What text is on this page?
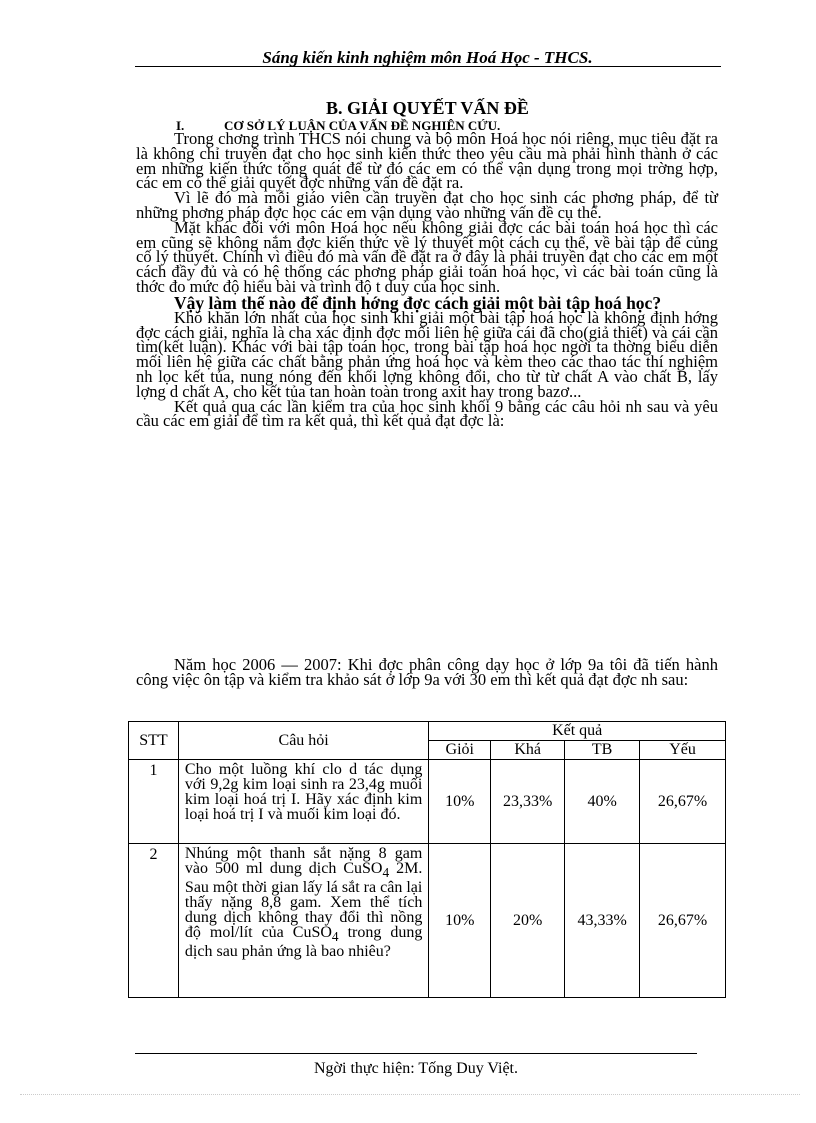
Sáng kiến kinh nghiệm môn Hoá Học - THCS.
B. GIẢI QUYẾT VẤN ĐỀ
I.	CƠ SỞ LÝ LUẬN CỦA VẤN ĐỀ NGHIÊN CỨU.

Trong chơng trình THCS nói chung và bộ môn Hoá học nói riêng, mục tiêu đặt ra là không chỉ truyền đạt cho học sinh kiến thức theo yêu cầu mà phải hình thành ở các em những kiến thức tổng quát để từ đó các em có thể vận dụng trong mọi trờng hợp, các em có thể giải quyết đợc những vấn đề đặt ra.

Vì lẽ đó mà mỗi giáo viên cần truyền đạt cho học sinh các phơng pháp, để từ những phơng pháp đợc học các em vận dụng vào những vấn đề cụ thể.

Mặt khác đối với môn Hoá học nếu không giải đợc các bài toán hoá học thì các em cũng sẽ không nắm đợc kiến thức về lý thuyết một cách cụ thể, về bài tập để củng cố lý thuyết. Chính vì điều đó mà vấn đề đặt ra ở đây là phải truyền đạt cho các em một cách đầy đủ và có hệ thống các phơng pháp giải toán hoá học, vì các bài toán cũng là thớc đo mức độ hiểu bài và trình độ t duy của học sinh.

Vậy làm thế nào để định hớng đợc cách giải một bài tập hoá học?

Khó khăn lớn nhất của học sinh khi giải một bài tập hoá học là không định hớng đợc cách giải, nghĩa là cha xác định đợc mối liên hệ giữa cái đã cho(giả thiết) và cái cần tìm(kết luận). Khác với bài tập toán học, trong bài tập hoá học ngời ta thờng biểu diễn mối liên hệ giữa các chất bằng phản ứng hoá học và kèm theo các thao tác thí nghiệm nh lọc kết tủa, nung nóng đến khối lợng không đổi, cho từ từ chất A vào chất B, lấy lợng d chất A, cho kết tủa tan hoàn toàn trong axit hay trong bazơ...

Kết quả qua các lần kiểm tra của học sinh khối 9 bằng các câu hỏi nh sau và yêu cầu các em giải để tìm ra kết quả, thì kết quả đạt đợc là:

Năm học 2006 — 2007: Khi đợc phân công dạy học ở lớp 9a tôi đã tiến hành công việc ôn tập và kiểm tra khảo sát ở lớp 9a với 30 em thì kết quả đạt đợc nh sau:

STT	Câu hỏi	Kết quả			
		Giỏi	Khá	TB	Yếu
1	Cho một luồng khí clo d tác dụng với 9,2g kim loại sinh ra 23,4g muối kim loại hoá trị I. Hãy xác định kim loại hoá trị I và muối kim loại đó.	10%	23,33%	40%	26,67%
2	Nhúng một thanh sắt nặng 8 gam vào 500 ml dung dịch CuSO$_4$ 2M. Sau một thời gian lấy lá sắt ra cân lại thấy nặng 8,8 gam. Xem thể tích dung dịch không thay đổi thì nồng độ mol/lít của CuSO$_4$ trong dung dịch sau phản ứng là bao nhiêu?	10%	20%	43,33%	26,67%
Ngời thực hiện: Tống Duy Việt.
